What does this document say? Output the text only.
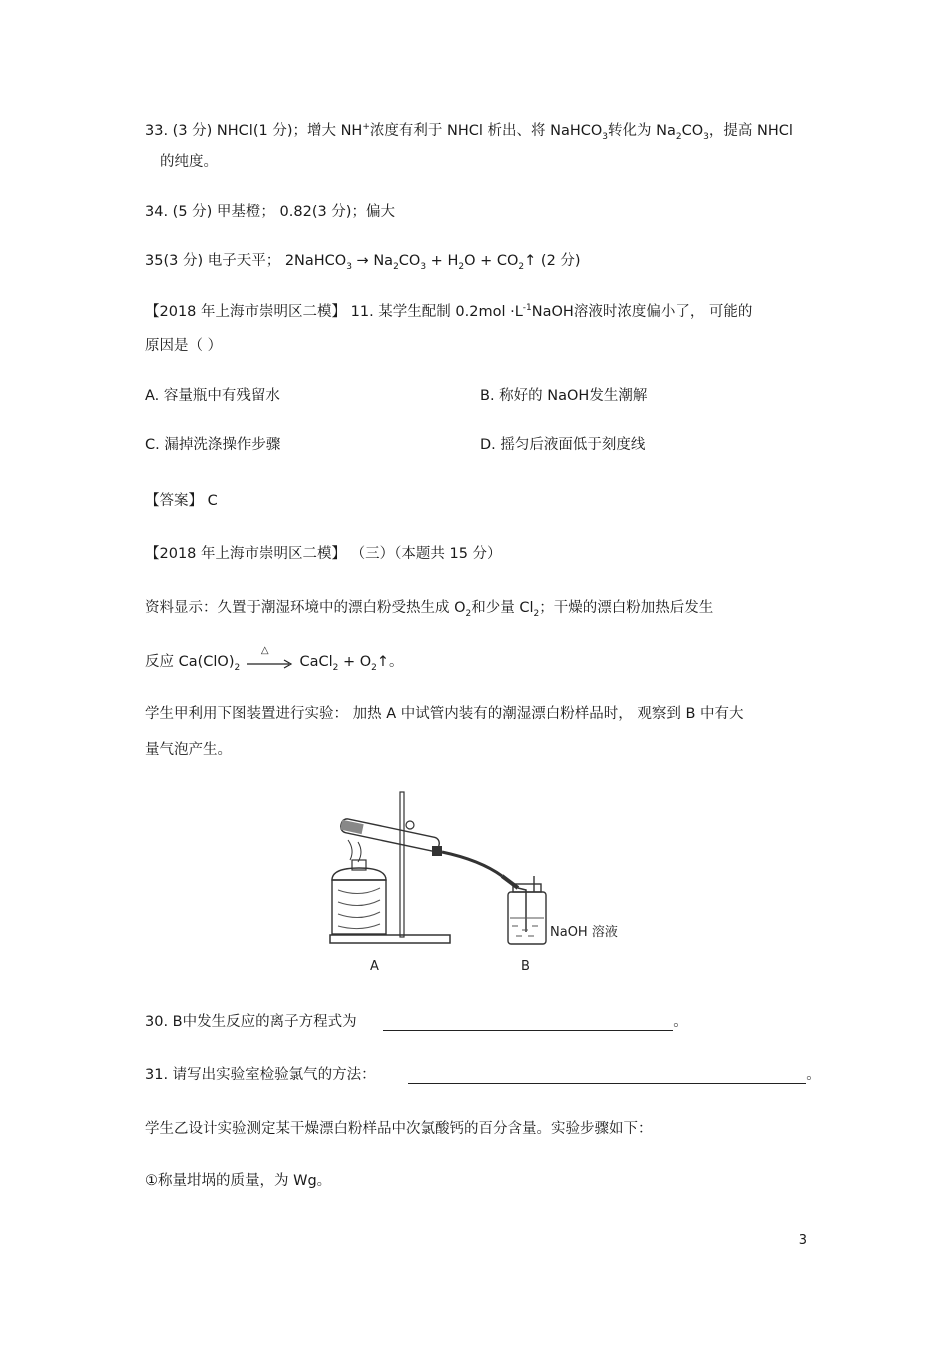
33. (3 分) NHCl(1 分)；增大 NH+浓度有利于 NHCl 析出、将 NaHCO$_3$转化为 $Na_2CO_3$，提高 NHCl
的纯度。
34. (5 分) 甲基橙； 0.82(3 分)；偏大
35(3 分) 电子天平； 2NaHCO$_3$ → $Na_2CO_3 + H_2O$ + $CO_2↑$ (2 分)
【2018 年上海市崇明区二模】 11. 某学生配制 $0.2mol \cdot L^{-1}NaOH$溶液时浓度偏小了， 可能的
原因是（ ）
A. 容量瓶中有残留水	B. 称好的 NaOH发生潮解
C. 漏掉洗涤操作步骤	D. 摇匀后液面低于刻度线
【答案】 C
【2018 年上海市崇明区二模】 （三）（本题共 15 分）
资料显示：久置于潮湿环境中的漂白粉受热生成 $O_2$和少量 $Cl_2$；干燥的漂白粉加热后发生
反应 $Ca(ClO)_2$
△
CaCl$_2$ + $O_2↑$。
学生甲利用下图装置进行实验： 加热 A 中试管内装有的潮湿漂白粉样品时， 观察到 B 中有大
量气泡产生。
A	B
NaOH 溶液
30. B中发生反应的离子方程式为	。
31. 请写出实验室检验氯气的方法：	。
学生乙设计实验测定某干燥漂白粉样品中次氯酸钙的百分含量。实验步骤如下：
①称量坩埚的质量，为 Wg。
3
